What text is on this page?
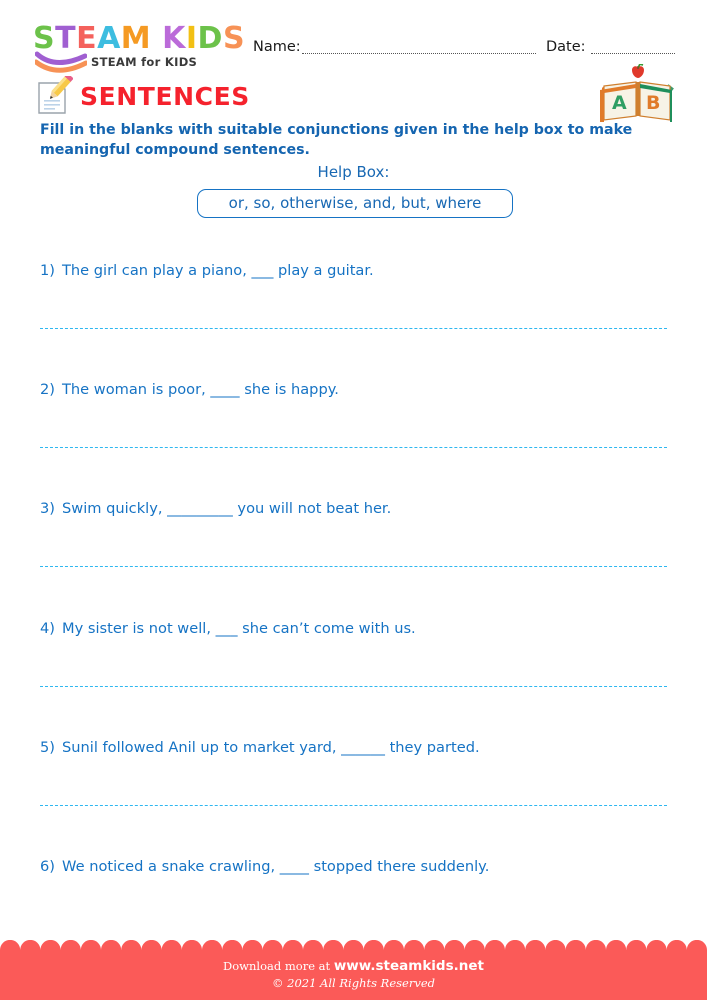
STEAM KIDS
STEAM for KIDS
Name:	Date:
SENTENCES	A B
Fill in the blanks with suitable conjunctions given in the help box to make meaningful compound sentences.
Help Box:
or, so, otherwise, and, but, where
1) The girl can play a piano, ___ play a guitar.
2) The woman is poor, ____ she is happy.
3) Swim quickly, _________ you will not beat her.
4) My sister is not well, ___ she can’t come with us.
5) Sunil followed Anil up to market yard, ______ they parted.
6) We noticed a snake crawling, ____ stopped there suddenly.
Download more at www.steamkids.net
© 2021 All Rights Reserved
